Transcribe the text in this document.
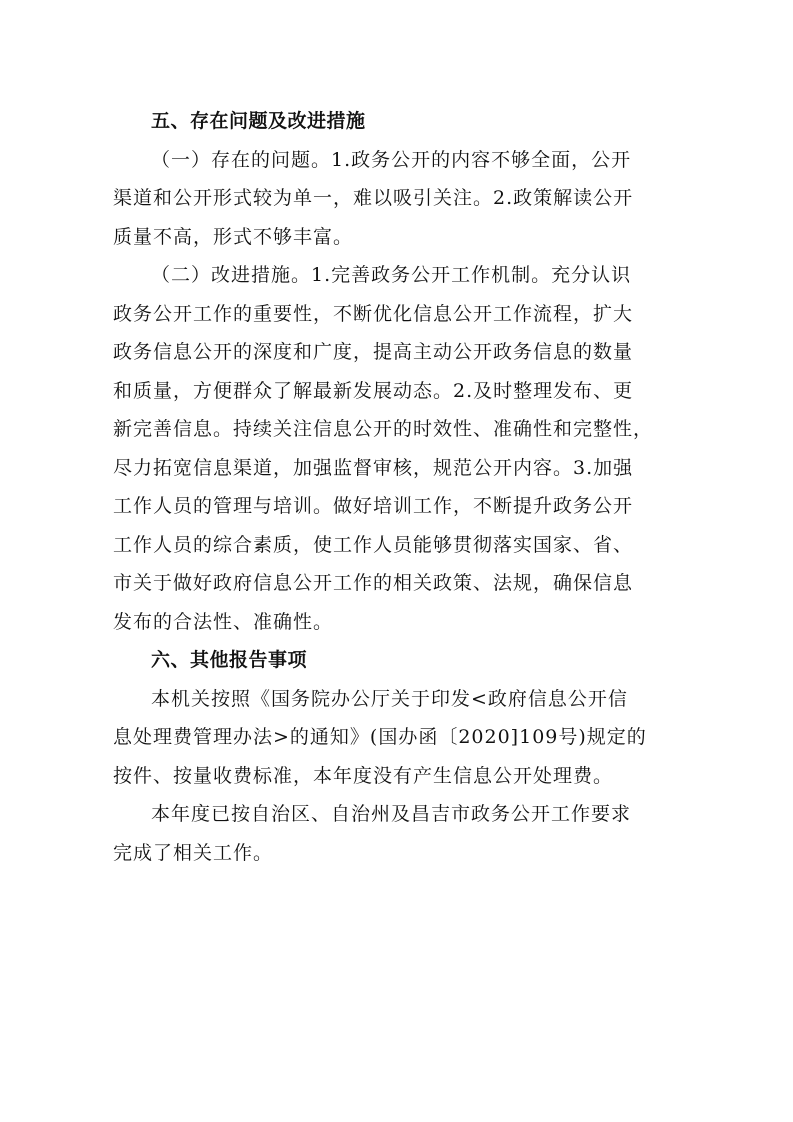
五、存在问题及改进措施
（一）存在的问题。1.政务公开的内容不够全面，公开
渠道和公开形式较为单一，难以吸引关注。2.政策解读公开
质量不高，形式不够丰富。
（二）改进措施。1.完善政务公开工作机制。充分认识
政务公开工作的重要性，不断优化信息公开工作流程，扩大
政务信息公开的深度和广度，提高主动公开政务信息的数量
和质量，方便群众了解最新发展动态。2.及时整理发布、更
新完善信息。持续关注信息公开的时效性、准确性和完整性，
尽力拓宽信息渠道，加强监督审核，规范公开内容。3.加强
工作人员的管理与培训。做好培训工作，不断提升政务公开
工作人员的综合素质，使工作人员能够贯彻落实国家、省、
市关于做好政府信息公开工作的相关政策、法规，确保信息
发布的合法性、准确性。
六、其他报告事项
本机关按照《国务院办公厅关于印发<政府信息公开信
息处理费管理办法>的通知》(国办函〔2020]109号)规定的
按件、按量收费标准，本年度没有产生信息公开处理费。
本年度已按自治区、自治州及昌吉市政务公开工作要求
完成了相关工作。
